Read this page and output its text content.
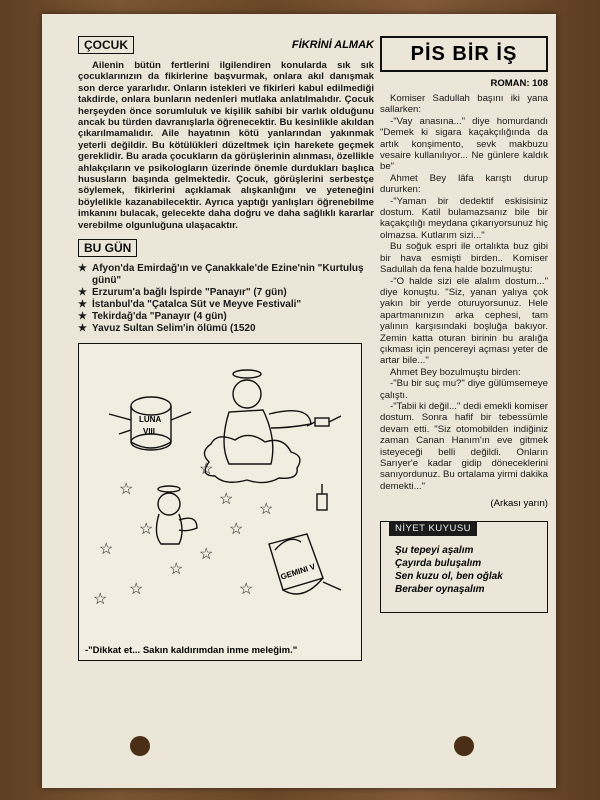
ÇOCUK	FİKRİNİ ALMAK
Ailenin bütün fertlerini ilgilendiren konularda sık sık çocuklarınızın da fikirlerine başvurmak, onlara akıl danışmak son derce yararlıdır. Onların istekleri ve fikirleri kabul edilmediği takdirde, onlara bunların nedenleri mutlaka anlatılmalıdır. Çocuk herşeyden önce sorumluluk ve kişilik sahibi bir varlık olduğunu ancak bu türden davranışlarla öğrenecektir. Bu kesinlikle akıldan çıkarılmamalıdır. Aile hayatının kötü yanlarından yakınmak yeterli değildir. Bu kötülükleri düzeltmek için harekete geçmek gereklidir. Bu arada çocukların da görüşlerinin alınması, özellikle ahlakçıların ve psikologların üzerinde önemle durdukları başlıca hususların başında gelmektedir. Çocuk, görüşlerini serbestçe söylemek, fikirlerini açıklamak alışkanlığını ve yeteneğini böylelikle kazanabilecektir. Ayrıca yaptığı yanlışları öğrenebilme imkanını bulacak, gelecekte daha doğru ve daha sağlıklı kararlar verebilme olgunluğuna ulaşacaktır.
BU GÜN
★ Afyon'da Emirdağ'ın ve Çanakkale'de Ezine'nin "Kurtuluş günü"
★ Erzurum'a bağlı İspirde "Panayır" (7 gün)
★ İstanbul'da "Çatalca Süt ve Meyve Festivali"
★ Tekirdağ'da "Panayır (4 gün)
★ Yavuz Sultan Selim'in ölümü (1520
☆
☆
☆
☆	☆
☆
☆
☆	☆
☆
☆
☆
LUNA
VIII
GEMINI V
-"Dikkat et... Sakın kaldırımdan inme meleğim."
PİS BİR İŞ
ROMAN: 108

Komiser Sadullah başını iki yana sallarken:

-"Vay anasına..." diye homurdandı "Demek ki sigara kaçakçılığında da artık konşimento, sevk makbuzu vesaire kullanılıyor... Ne günlere kaldık be"

Ahmet Bey lâfa karıştı durup dururken:

-"Yaman bir dedektif eskisisiniz dostum. Katil bulamazsanız bile bir kaçakçılığı meydana çıkarıyorsunuz hiç olmazsa. Kutlarım sizi..."

Bu soğuk espri ile ortalıkta buz gibi bir hava esmişti birden.. Komiser Sadullah da fena halde bozulmuştu:

-"O halde sizi ele alalım dostum..." diye konuştu. "Siz, yanan yalıya çok yakın bir yerde oturuyorsunuz. Hele apartmanınızın arka cephesi, tam yalının karşısındaki boşluğa bakıyor. Zemin katta oturan birinin bu aralığa çıkması için pencereyi açması yeter de artar bile..."

Ahmet Bey bozulmuştu birden:

-"Bu bir suç mu?" diye gülümsemeye çalıştı.

-"Tabii ki değil..." dedi emekli komiser dostum. Sonra hafif bir tebessümle devam etti. "Siz otomobilden indiğiniz zaman Canan Hanım'ın eve gitmek isteyeceği belli değildi. Onların Sarıyer'e kadar gidip döneceklerini sanıyordunuz. Bu ortalama yirmi dakika demekti..."

(Arkası yarın)
NİYET KUYUSU
Şu tepeyi aşalım
Çayırda buluşalım
Sen kuzu ol, ben oğlak
Beraber oynaşalım
